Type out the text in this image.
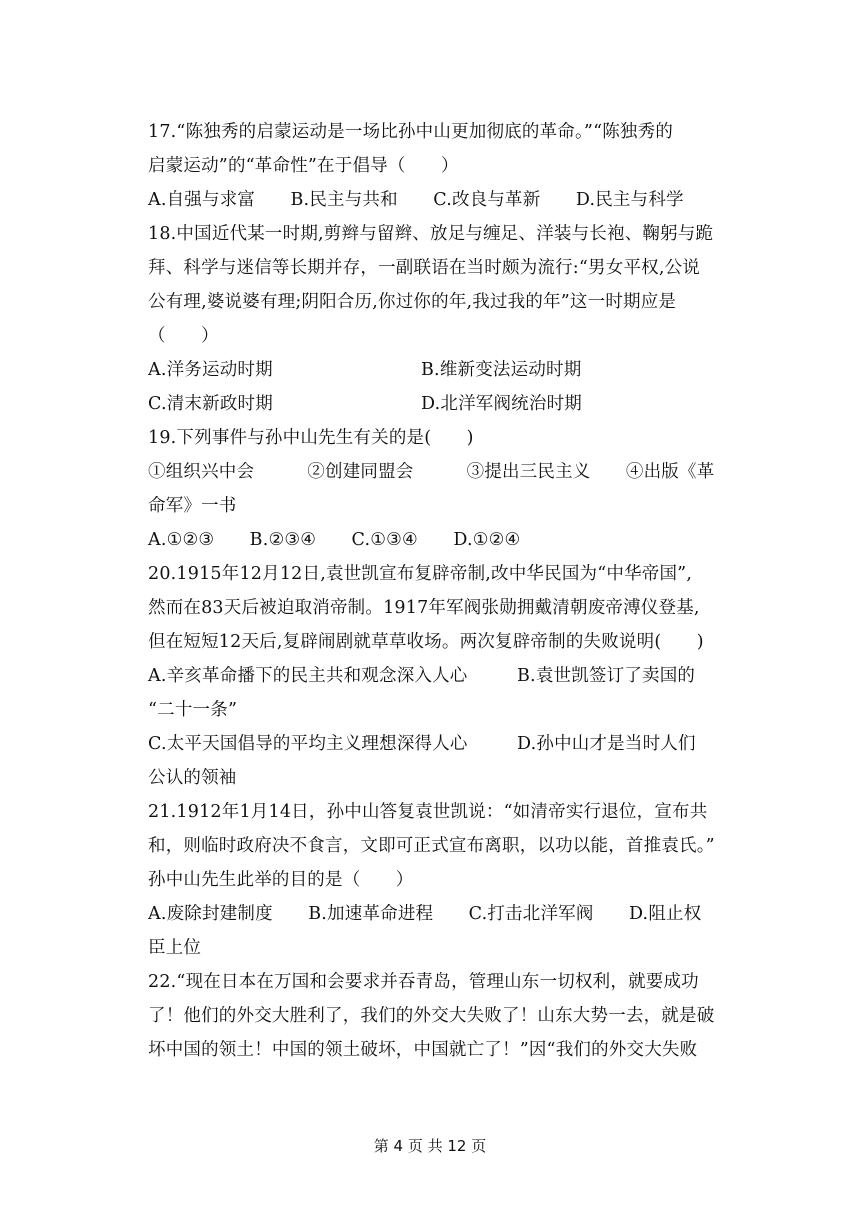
17.“陈独秀的启蒙运动是一场比孙中山更加彻底的革命。”“陈独秀的
启蒙运动”的“革命性”在于倡导（　　）
A.自强与求富　　B.民主与共和　　C.改良与革新　　D.民主与科学
18.中国近代某一时期,剪辫与留辫、放足与缠足、洋装与长袍、鞠躬与跪
拜、科学与迷信等长期并存，一副联语在当时颇为流行:“男女平权,公说
公有理,婆说婆有理;阴阳合历,你过你的年,我过我的年”这一时期应是
（　　）
A.洋务运动时期	B.维新变法运动时期
C.清末新政时期	D.北洋军阀统治时期
19.下列事件与孙中山先生有关的是(　　)
①组织兴中会　　　②创建同盟会　　　③提出三民主义　　④出版《革
命军》一书
A.①②③　　B.②③④　　C.①③④　　D.①②④
20.1915年12月12日,袁世凯宣布复辟帝制,改中华民国为“中华帝国”,
然而在83天后被迫取消帝制。1917年军阀张勋拥戴清朝废帝溥仪登基,
但在短短12天后,复辟闹剧就草草收场。两次复辟帝制的失败说明(　　)
A.辛亥革命播下的民主共和观念深入人心	B.袁世凯签订了卖国的
“二十一条”
C.太平天国倡导的平均主义理想深得人心	D.孙中山才是当时人们
公认的领袖
21.1912年1月14日，孙中山答复袁世凯说：“如清帝实行退位，宣布共
和，则临时政府决不食言，文即可正式宣布离职，以功以能，首推袁氏。”
孙中山先生此举的目的是（　　）
A.废除封建制度　　B.加速革命进程　　C.打击北洋军阀　　D.阻止权
臣上位
22.“现在日本在万国和会要求并吞青岛，管理山东一切权利，就要成功
了！他们的外交大胜利了，我们的外交大失败了！山东大势一去，就是破
坏中国的领土！中国的领土破坏，中国就亡了！”因“我们的外交大失败
第 4 页 共 12 页
